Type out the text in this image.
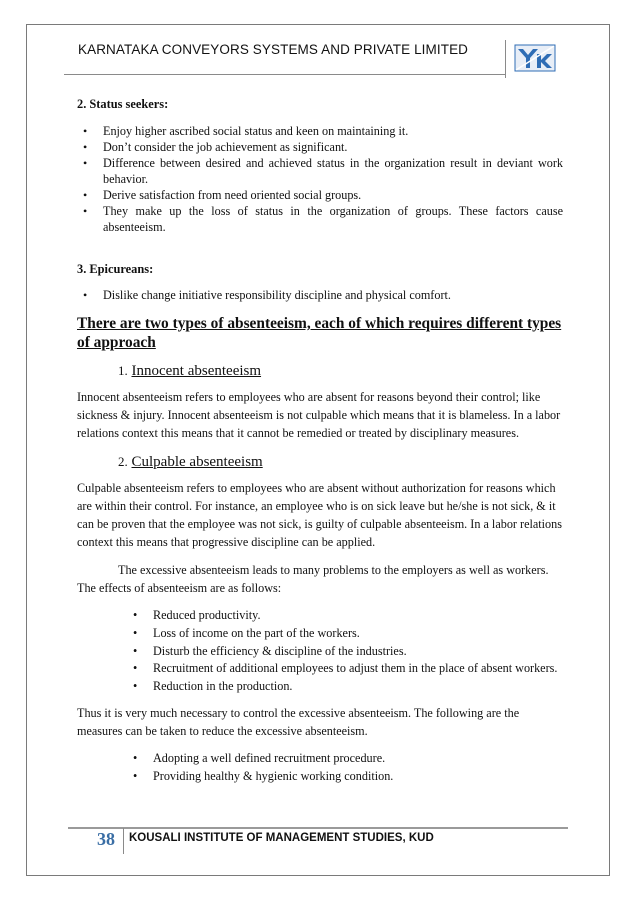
KARNATAKA CONVEYORS SYSTEMS AND PRIVATE LIMITED

2. Status seekers:

• Enjoy higher ascribed social status and keen on maintaining it.
• Don’t consider the job achievement as significant.
• Difference between desired and achieved status in the organization result in deviant work behavior.
• Derive satisfaction from need oriented social groups.
• They make up the loss of status in the organization of groups. These factors cause absenteeism.

3. Epicureans:

• Dislike change initiative responsibility discipline and physical comfort.

There are two types of absenteeism, each of which requires different types of approach

1. Innocent absenteeism

Innocent absenteeism refers to employees who are absent for reasons beyond their control; like sickness & injury. Innocent absenteeism is not culpable which means that it is blameless. In a labor relations context this means that it cannot be remedied or treated by disciplinary measures.

2. Culpable absenteeism

Culpable absenteeism refers to employees who are absent without authorization for reasons which are within their control. For instance, an employee who is on sick leave but he/she is not sick, & it can be proven that the employee was not sick, is guilty of culpable absenteeism. In a labor relations context this means that progressive discipline can be applied.

The excessive absenteeism leads to many problems to the employers as well as workers. The effects of absenteeism are as follows:

• Reduced productivity.
• Loss of income on the part of the workers.
• Disturb the efficiency & discipline of the industries.
• Recruitment of additional employees to adjust them in the place of absent workers.
• Reduction in the production.

Thus it is very much necessary to control the excessive absenteeism. The following are the measures can be taken to reduce the excessive absenteeism.

• Adopting a well defined recruitment procedure.
• Providing healthy & hygienic working condition.
38 KOUSALI INSTITUTE OF MANAGEMENT STUDIES, KUD
